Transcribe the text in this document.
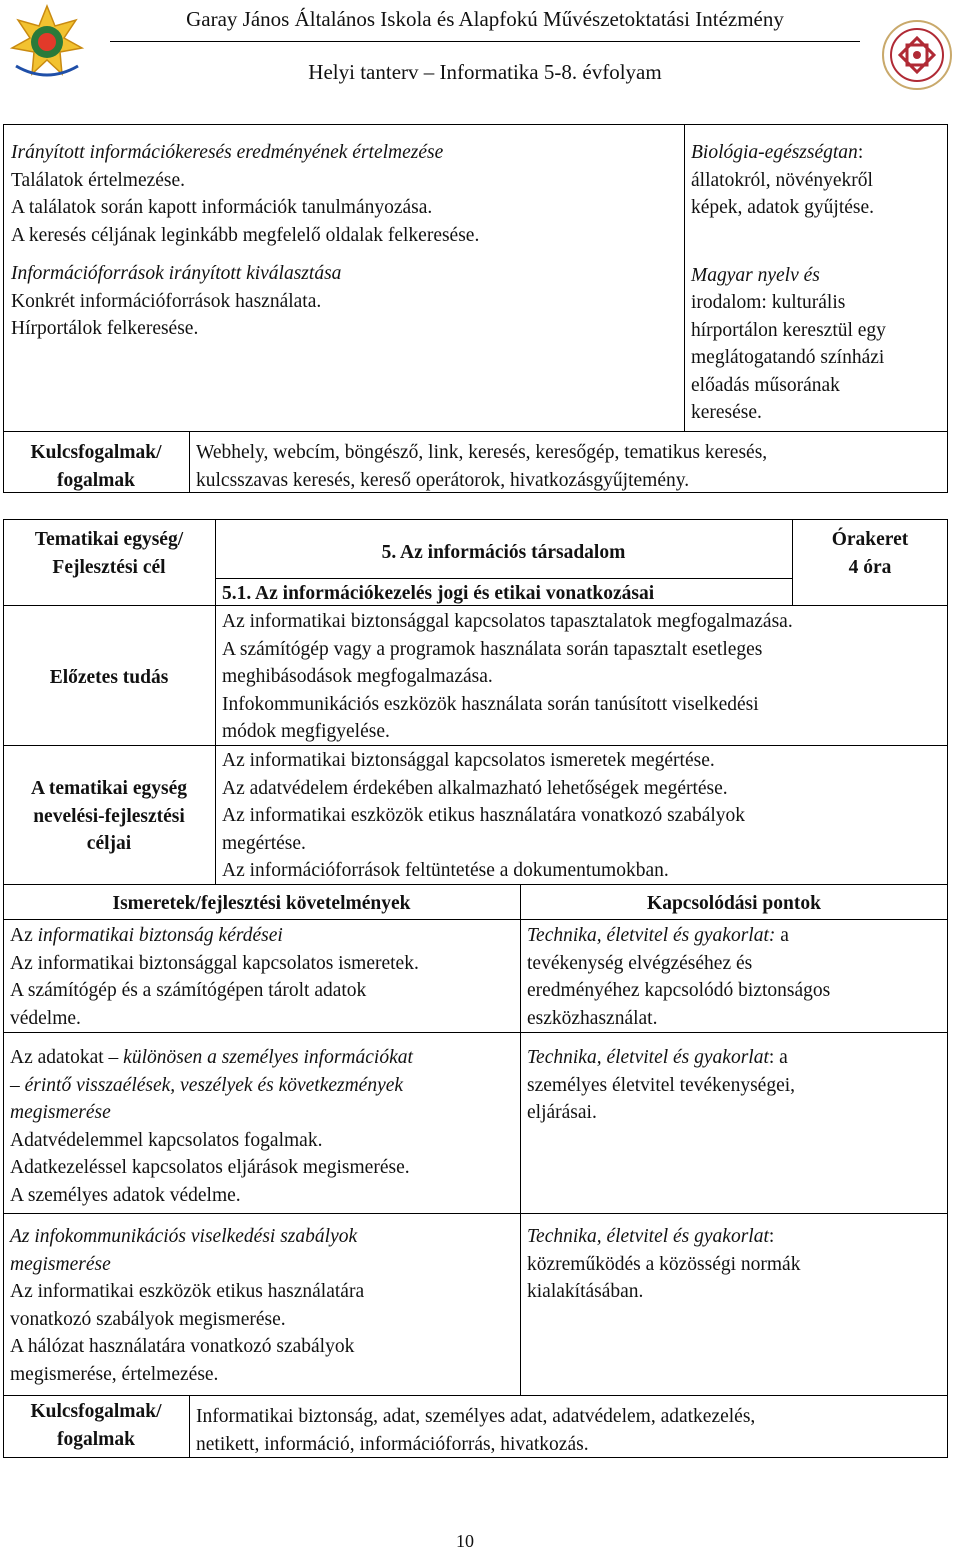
Garay János Általános Iskola és Alapfokú Művészetoktatási Intézmény
Helyi tanterv – Informatika 5-8. évfolyam
Irányított információkeresés eredményének értelmezése
Találatok értelmezése.
A találatok során kapott információk tanulmányozása.
A keresés céljának leginkább megfelelő oldalak felkeresése.
Információforrások irányított kiválasztása
Konkrét információforrások használata.
Hírportálok felkeresése.
Biológia-egészségtan:
állatokról, növényekről
képek, adatok gyűjtése.
Magyar nyelv és
irodalom: kulturális
hírportálon keresztül egy
meglátogatandó színházi
előadás műsorának
keresése.
Kulcsfogalmak/
fogalmak
Webhely, webcím, böngésző, link, keresés, keresőgép, tematikus keresés,
kulcsszavas keresés, kereső operátorok, hivatkozásgyűjtemény.
Tematikai egység/
Fejlesztési cél
5. Az információs társadalom
Órakeret
4 óra
5.1. Az információkezelés jogi és etikai vonatkozásai
Előzetes tudás
Az informatikai biztonsággal kapcsolatos tapasztalatok megfogalmazása.
A számítógép vagy a programok használata során tapasztalt esetleges
meghibásodások megfogalmazása.
Infokommunikációs eszközök használata során tanúsított viselkedési
módok megfigyelése.
A tematikai egység
nevelési-fejlesztési
céljai
Az informatikai biztonsággal kapcsolatos ismeretek megértése.
Az adatvédelem érdekében alkalmazható lehetőségek megértése.
Az informatikai eszközök etikus használatára vonatkozó szabályok
megértése.
Az információforrások feltüntetése a dokumentumokban.
Ismeretek/fejlesztési követelmények	Kapcsolódási pontok
Az informatikai biztonság kérdései
Az informatikai biztonsággal kapcsolatos ismeretek.
A számítógép és a számítógépen tárolt adatok
védelme.
Technika, életvitel és gyakorlat: a
tevékenység elvégzéséhez és
eredményéhez kapcsolódó biztonságos
eszközhasználat.
Az adatokat – különösen a személyes információkat
– érintő visszaélések, veszélyek és következmények
megismerése
Adatvédelemmel kapcsolatos fogalmak.
Adatkezeléssel kapcsolatos eljárások megismerése.
A személyes adatok védelme.
Technika, életvitel és gyakorlat: a
személyes életvitel tevékenységei,
eljárásai.
Az infokommunikációs viselkedési szabályok
megismerése
Az informatikai eszközök etikus használatára
vonatkozó szabályok megismerése.
A hálózat használatára vonatkozó szabályok
megismerése, értelmezése.
Technika, életvitel és gyakorlat:
közreműködés a közösségi normák
kialakításában.
Kulcsfogalmak/
fogalmak
Informatikai biztonság, adat, személyes adat, adatvédelem, adatkezelés,
netikett, információ, információforrás, hivatkozás.
10
